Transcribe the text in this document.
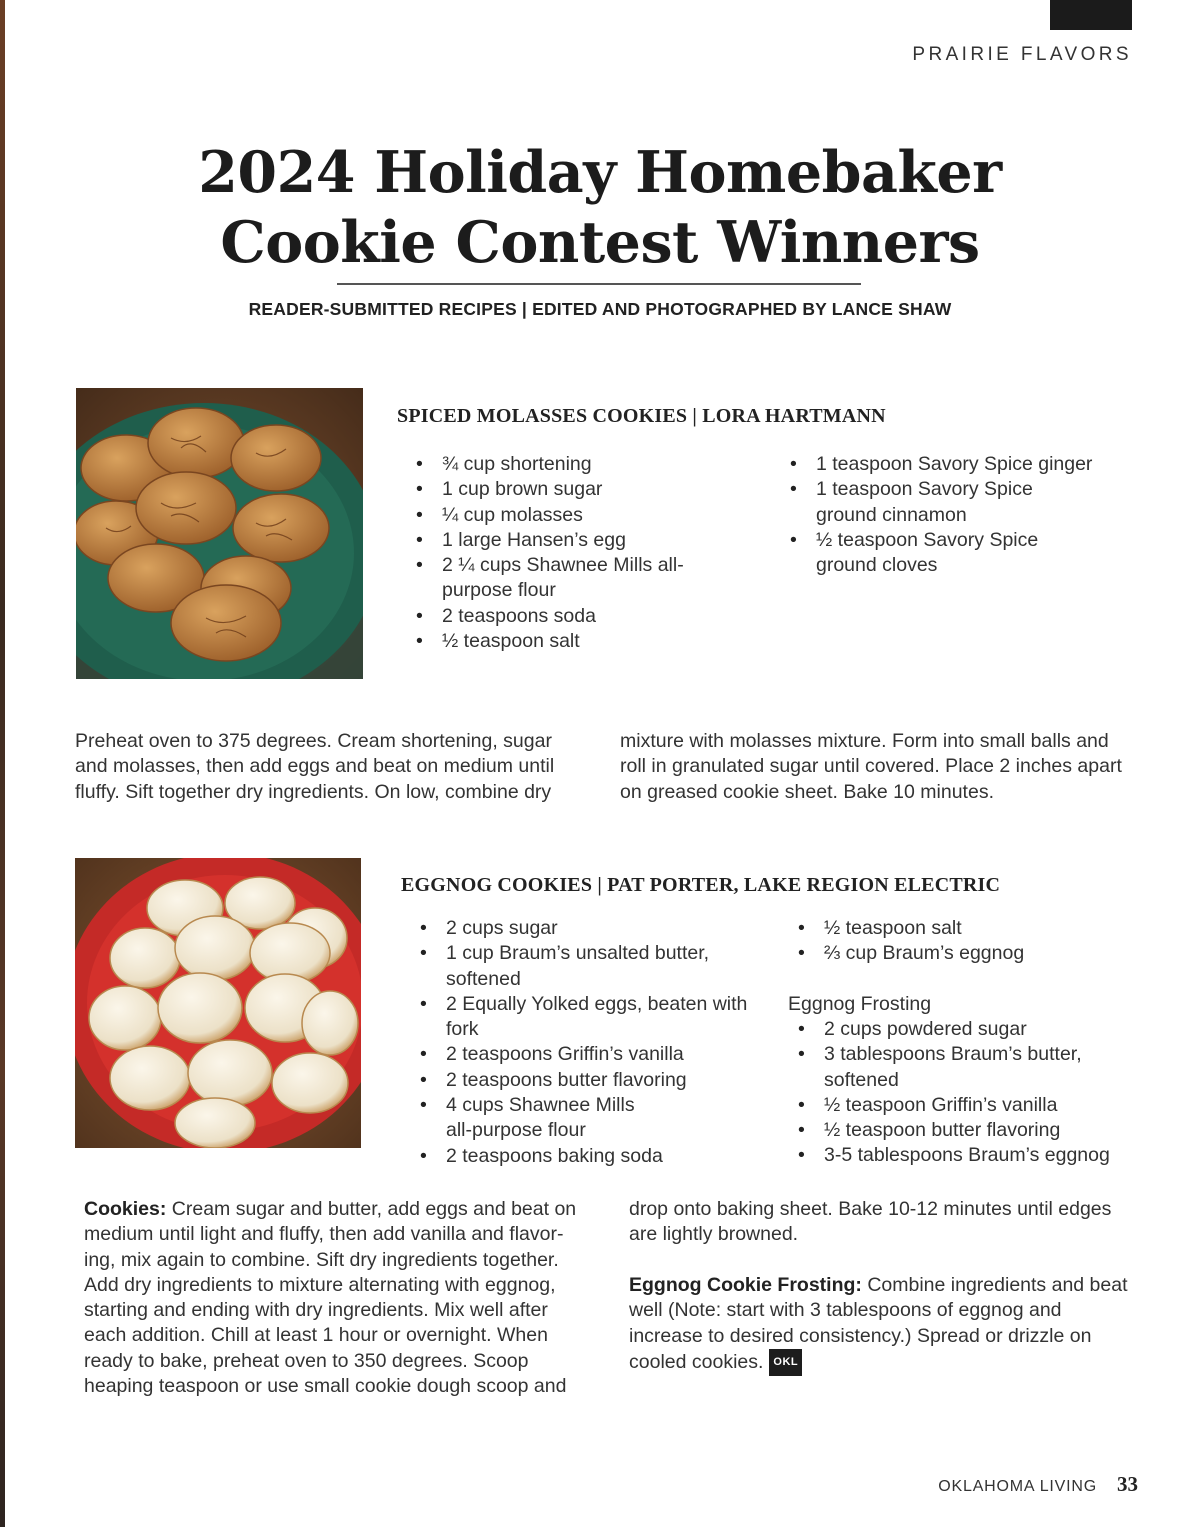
PRAIRIE FLAVORS
2024 Holiday Homebaker
Cookie Contest Winners
READER-SUBMITTED RECIPES | EDITED AND PHOTOGRAPHED BY LANCE SHAW
SPICED MOLASSES COOKIES | LORA HARTMANN
• ¾ cup shortening
• 1 cup brown sugar
• ¼ cup molasses
• 1 large Hansen’s egg
• 2 ¼ cups Shawnee Mills all-purpose flour
• 2 teaspoons soda
• ½ teaspoon salt
• 1 teaspoon Savory Spice ginger
• 1 teaspoon Savory Spice ground cinnamon
• ½ teaspoon Savory Spice ground cloves
Preheat oven to 375 degrees. Cream shortening, sugar and molasses, then add eggs and beat on medium until fluffy. Sift together dry ingredients. On low, combine dry
mixture with molasses mixture. Form into small balls and roll in granulated sugar until covered. Place 2 inches apart on greased cookie sheet. Bake 10 minutes.
EGGNOG COOKIES | PAT PORTER, LAKE REGION ELECTRIC
• 2 cups sugar
• 1 cup Braum’s unsalted butter, softened
• 2 Equally Yolked eggs, beaten with fork
• 2 teaspoons Griffin’s vanilla
• 2 teaspoons butter flavoring
• 4 cups Shawnee Mills all-purpose flour
• 2 teaspoons baking soda
• ½ teaspoon salt
• ⅔ cup Braum’s eggnog
Eggnog Frosting
• 2 cups powdered sugar
• 3 tablespoons Braum’s butter, softened
• ½ teaspoon Griffin’s vanilla
• ½ teaspoon butter flavoring
• 3-5 tablespoons Braum’s eggnog
Cookies: Cream sugar and butter, add eggs and beat on medium until light and fluffy, then add vanilla and flavor-ing, mix again to combine. Sift dry ingredients together. Add dry ingredients to mixture alternating with eggnog, starting and ending with dry ingredients. Mix well after each addition. Chill at least 1 hour or overnight. When ready to bake, preheat oven to 350 degrees. Scoop heaping teaspoon or use small cookie dough scoop and
drop onto baking sheet. Bake 10-12 minutes until edges are lightly browned.
Eggnog Cookie Frosting: Combine ingredients and beat well (Note: start with 3 tablespoons of eggnog and increase to desired consistency.) Spread or drizzle on cooled cookies. OKL
OKLAHOMA LIVING 33
